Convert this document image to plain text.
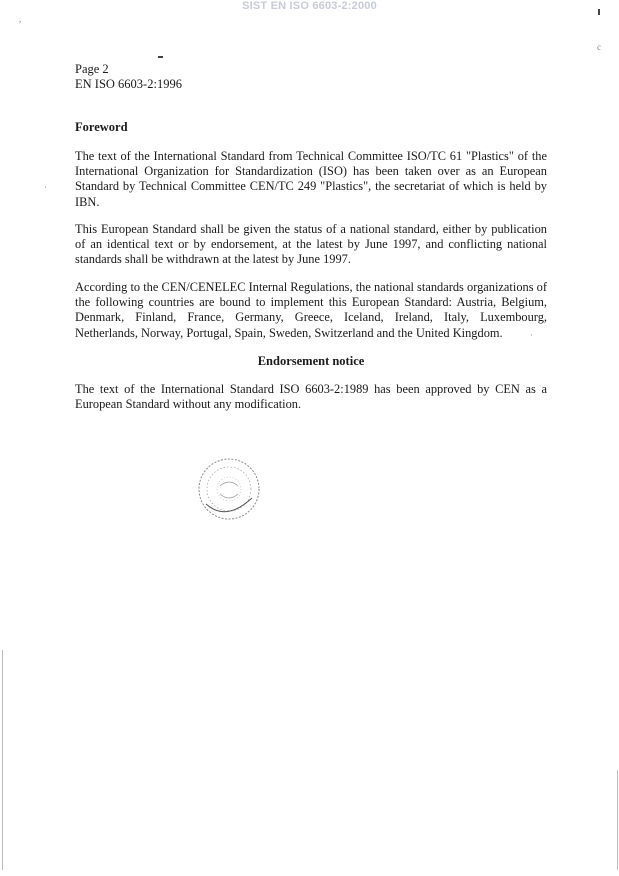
SIST EN ISO 6603-2:2000
Page 2
EN ISO 6603-2:1996
Foreword

The text of the International Standard from Technical Committee ISO/TC 61 "Plastics" of the International Organization for Standardization (ISO) has been taken over as an European Standard by Technical Committee CEN/TC 249 "Plastics", the secretariat of which is held by IBN.

This European Standard shall be given the status of a national standard, either by publication of an identical text or by endorsement, at the latest by June 1997, and conflicting national standards shall be withdrawn at the latest by June 1997.

According to the CEN/CENELEC Internal Regulations, the national standards organizations of the following countries are bound to implement this European Standard: Austria, Belgium, Denmark, Finland, France, Germany, Greece, Iceland, Ireland, Italy, Luxembourg, Netherlands, Norway, Portugal, Spain, Sweden, Switzerland and the United Kingdom.

Endorsement notice

The text of the International Standard ISO 6603-2:1989 has been approved by CEN as a European Standard without any modification.

c
,
·
·
